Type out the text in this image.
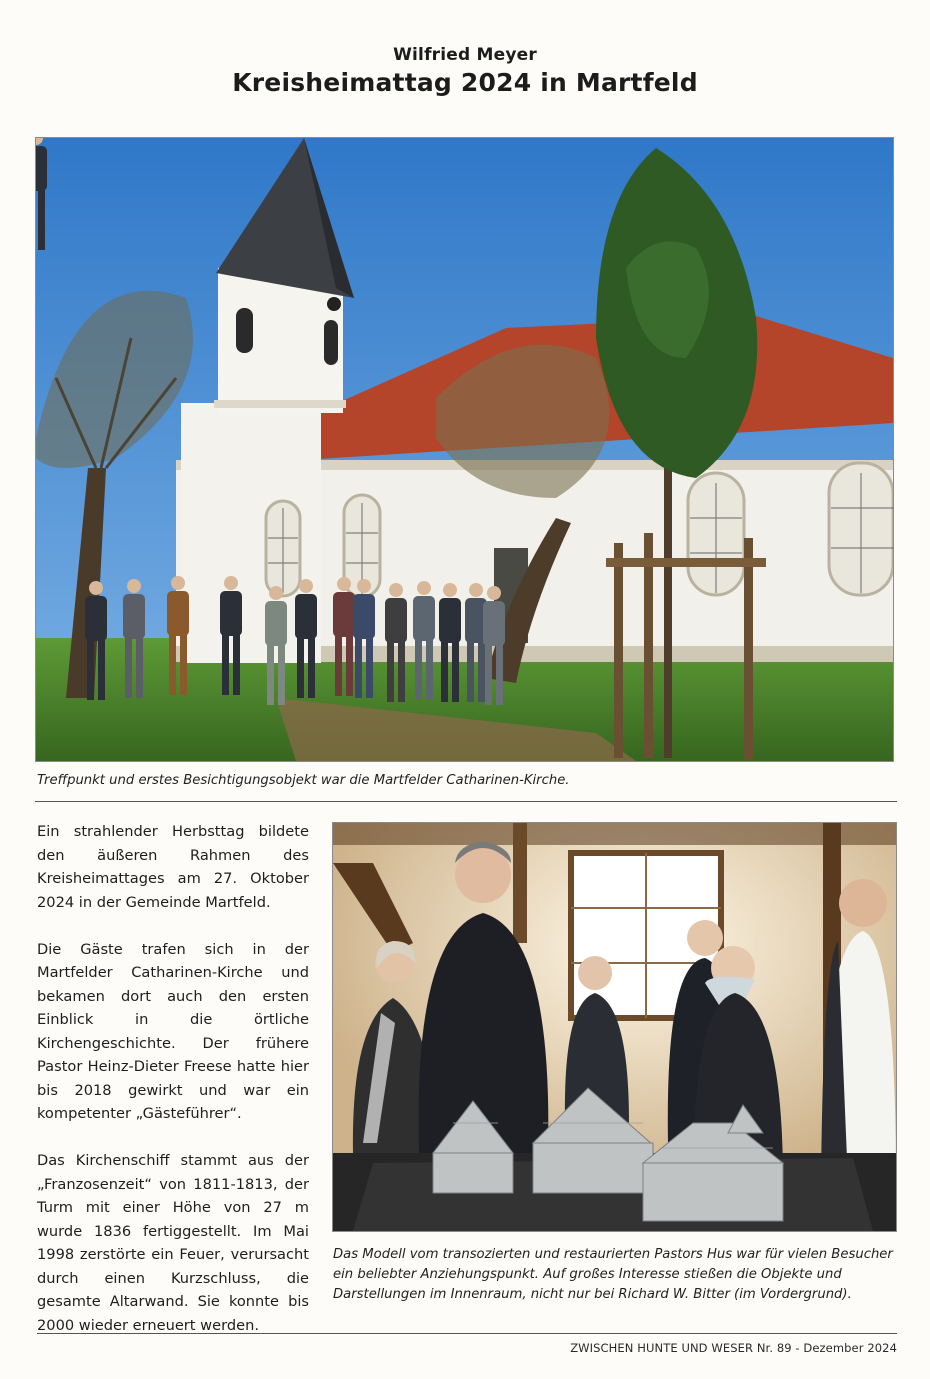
Wilfried Meyer
Kreisheimattag 2024 in Martfeld
Treffpunkt und erstes Besichtigungsobjekt war die Martfelder Catharinen-Kirche.

Ein strahlender Herbsttag bildete den äußeren Rahmen des Kreisheimattages am 27. Oktober 2024 in der Gemeinde Martfeld.

Die Gäste trafen sich in der Martfelder Catharinen-Kirche und bekamen dort auch den ersten Einblick in die örtliche Kirchengeschichte. Der frühere Pastor Heinz-Dieter Freese hatte hier bis 2018 gewirkt und war ein kompetenter „Gästeführer“.

Das Kirchenschiff stammt aus der „Franzosenzeit“ von 1811-1813, der Turm mit einer Höhe von 27 m wurde 1836 fertiggestellt. Im Mai 1998 zerstörte ein Feuer, verursacht durch einen Kurzschluss, die gesamte Altarwand. Sie konnte bis 2000 wieder erneuert werden.

Das Modell vom transozierten und restaurierten Pastors Hus war für vielen Besucher ein beliebter Anziehungspunkt. Auf großes Interesse stießen die Objekte und Darstellungen im Innenraum, nicht nur bei Richard W. Bitter (im Vordergrund).
ZWISCHEN HUNTE UND WESER Nr. 89 - Dezember 2024
